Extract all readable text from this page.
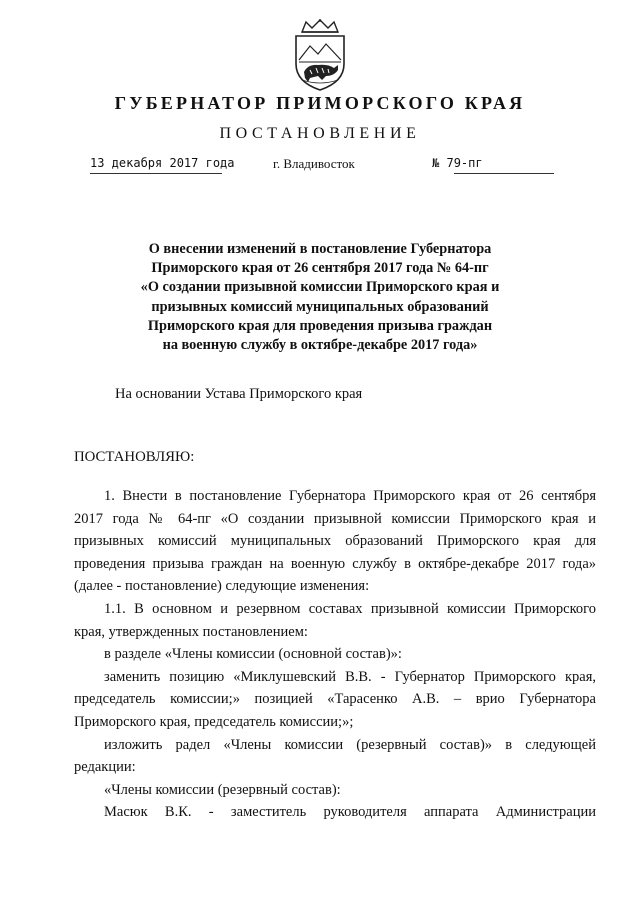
ГУБЕРНАТОР ПРИМОРСКОГО КРАЯ
ПОСТАНОВЛЕНИЕ
13 декабря 2017 года	г. Владивосток	№ 79-пг
О внесении изменений в постановление Губернатора
Приморского края от 26 сентября 2017 года № 64-пг
«О создании призывной комиссии Приморского края и
призывных комиссий муниципальных образований
Приморского края для проведения призыва граждан
на военную службу в октябре-декабре 2017 года»
На основании Устава Приморского края
ПОСТАНОВЛЯЮ:
1. Внести в постановление Губернатора Приморского края от 26 сентября
2017 года № 64-пг «О создании призывной комиссии Приморского края и
призывных комиссий муниципальных образований Приморского края для
проведения призыва граждан на военную службу в октябре-декабре 2017 года»
(далее - постановление) следующие изменения:
1.1. В основном и резервном составах призывной комиссии Приморского
края, утвержденных постановлением:
в разделе «Члены комиссии (основной состав)»:
заменить позицию «Миклушевский В.В. - Губернатор Приморского края,
председатель комиссии;» позицией «Тарасенко А.В. – врио Губернатора
Приморского края, председатель комиссии;»;
изложить радел «Члены комиссии (резервный состав)» в следующей
редакции:
«Члены комиссии (резервный состав):
Масюк В.К. - заместитель руководителя аппарата Администрации
